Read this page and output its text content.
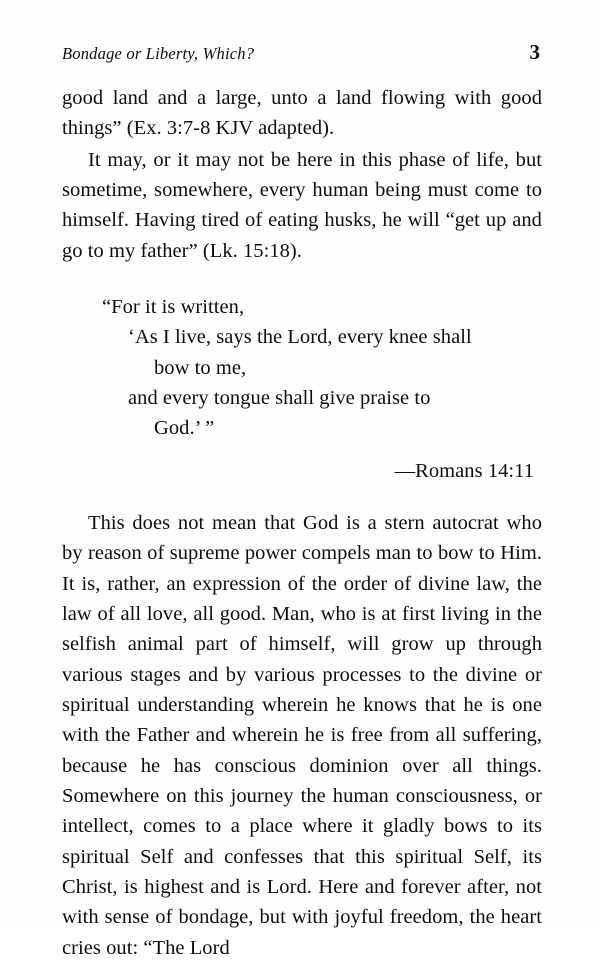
Bondage or Liberty, Which?	3

good land and a large, unto a land flowing with good things” (Ex. 3:7-8 KJV adapted).

It may, or it may not be here in this phase of life, but sometime, somewhere, every human being must come to himself. Having tired of eating husks, he will “get up and go to my father” (Lk. 15:18).

“For it is written,
‘As I live, says the Lord, every knee shall
bow to me,
and every tongue shall give praise to
God.’ ”
—Romans 14:11

This does not mean that God is a stern autocrat who by reason of supreme power compels man to bow to Him. It is, rather, an expression of the order of divine law, the law of all love, all good. Man, who is at first living in the selfish animal part of himself, will grow up through various stages and by various processes to the divine or spiritual understanding wherein he knows that he is one with the Father and wherein he is free from all suffering, because he has conscious dominion over all things. Somewhere on this journey the human consciousness, or intellect, comes to a place where it gladly bows to its spiritual Self and confesses that this spiritual Self, its Christ, is highest and is Lord. Here and forever after, not with sense of bondage, but with joyful freedom, the heart cries out: “The Lord
